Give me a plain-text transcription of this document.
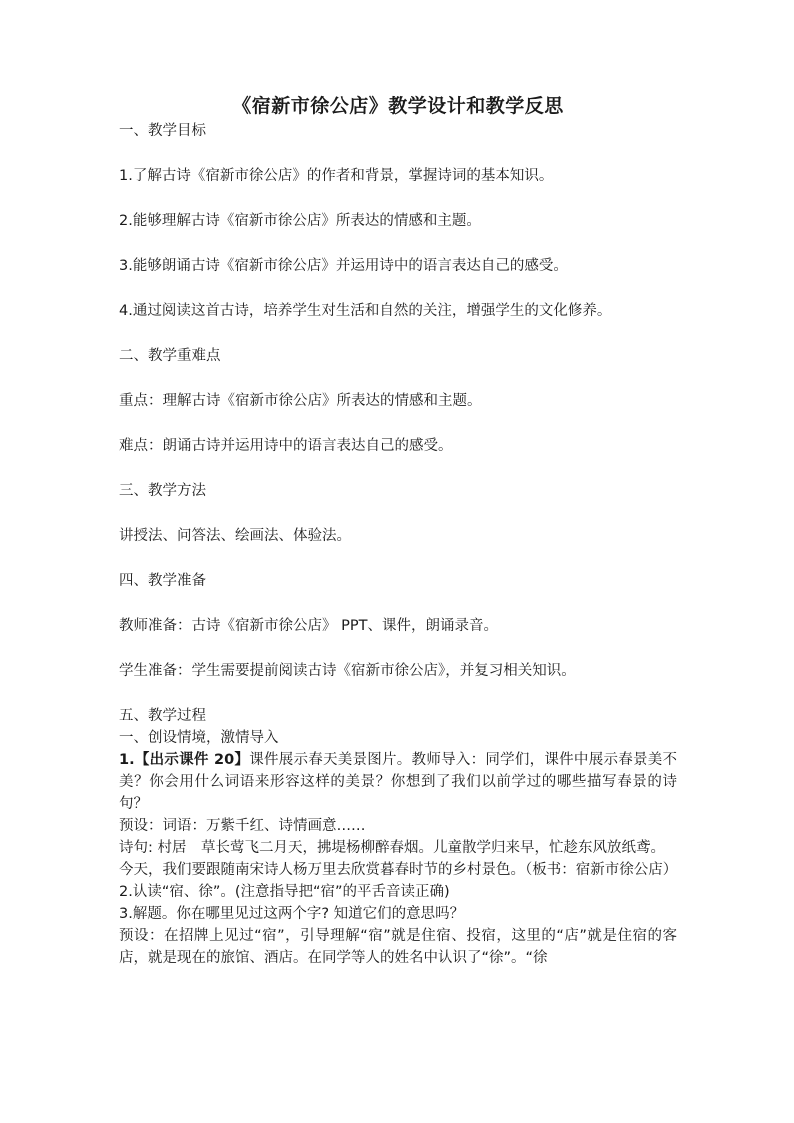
《宿新市徐公店》教学设计和教学反思

一、教学目标

1.了解古诗《宿新市徐公店》的作者和背景，掌握诗词的基本知识。

2.能够理解古诗《宿新市徐公店》所表达的情感和主题。

3.能够朗诵古诗《宿新市徐公店》并运用诗中的语言表达自己的感受。

4.通过阅读这首古诗，培养学生对生活和自然的关注，增强学生的文化修养。

二、教学重难点

重点：理解古诗《宿新市徐公店》所表达的情感和主题。

难点：朗诵古诗并运用诗中的语言表达自己的感受。

三、教学方法

讲授法、问答法、绘画法、体验法。

四、教学准备

教师准备：古诗《宿新市徐公店》 PPT、课件，朗诵录音。

学生准备：学生需要提前阅读古诗《宿新市徐公店》，并复习相关知识。

五、教学过程

一、创设情境，激情导入

1.【出示课件 20】课件展示春天美景图片。教师导入：同学们，课件中展示春景美不美？你会用什么词语来形容这样的美景？你想到了我们以前学过的哪些描写春景的诗句？

预设：词语：万紫千红、诗情画意……

诗句: 村居　草长莺飞二月天，拂堤杨柳醉春烟。儿童散学归来早，忙趁东风放纸鸢。

今天，我们要跟随南宋诗人杨万里去欣赏暮春时节的乡村景色。（板书：宿新市徐公店）

2.认读“宿、徐”。(注意指导把“宿”的平舌音读正确)

3.解题。你在哪里见过这两个字? 知道它们的意思吗？

预设：在招牌上见过“宿”，引导理解“宿”就是住宿、投宿，这里的“店”就是住宿的客店，就是现在的旅馆、酒店。在同学等人的姓名中认识了“徐”。“徐
